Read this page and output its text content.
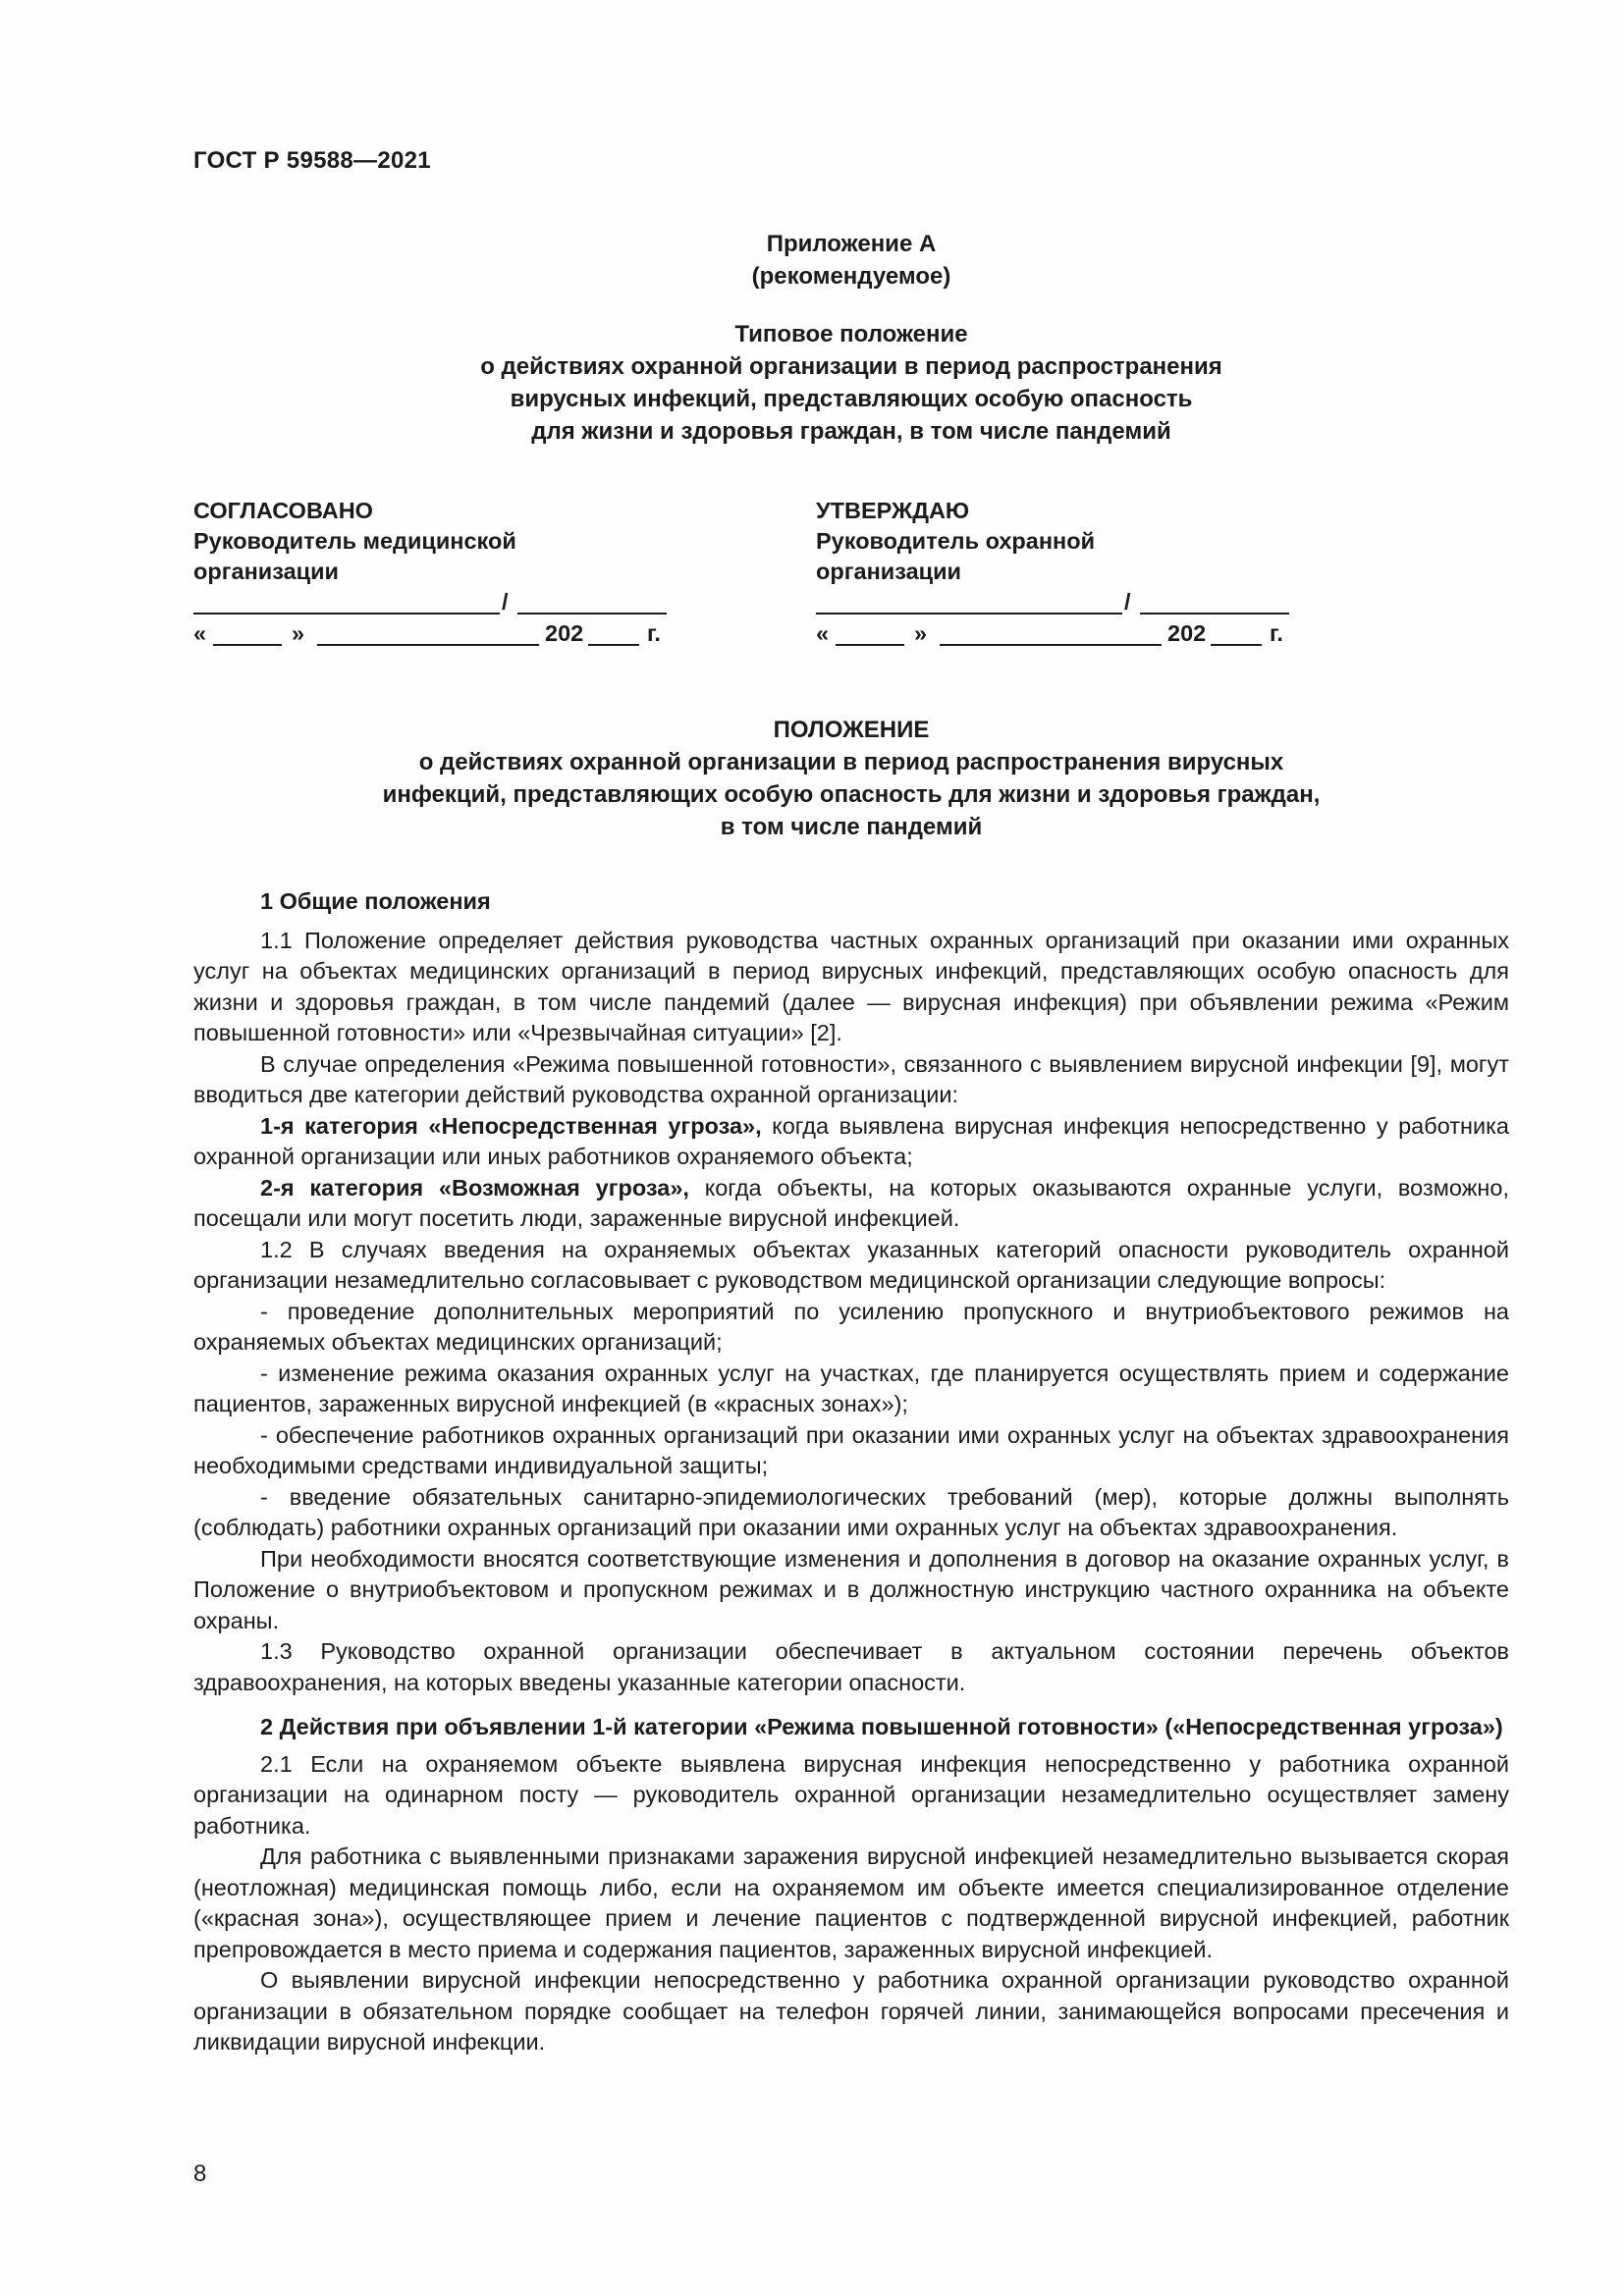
ГОСТ Р 59588—2021
Приложение А
(рекомендуемое)
Типовое положение
о действиях охранной организации в период распространения
вирусных инфекций, представляющих особую опасность
для жизни и здоровья граждан, в том числе пандемий
СОГЛАСОВАНО
Руководитель медицинской
организации
/
«	»	202	г.
УТВЕРЖДАЮ
Руководитель охранной
организации
/
«	»	202	г.
ПОЛОЖЕНИЕ
о действиях охранной организации в период распространения вирусных
инфекций, представляющих особую опасность для жизни и здоровья граждан,
в том числе пандемий

1 Общие положения

1.1 Положение определяет действия руководства частных охранных организаций при оказании ими охранных услуг на объектах медицинских организаций в период вирусных инфекций, представляющих особую опасность для жизни и здоровья граждан, в том числе пандемий (далее — вирусная инфекция) при объявлении режима «Режим повышенной готовности» или «Чрезвычайная ситуации» [2].

В случае определения «Режима повышенной готовности», связанного с выявлением вирусной инфекции [9], могут вводиться две категории действий руководства охранной организации:

1-я категория «Непосредственная угроза», когда выявлена вирусная инфекция непосредственно у работника охранной организации или иных работников охраняемого объекта;

2-я категория «Возможная угроза», когда объекты, на которых оказываются охранные услуги, возможно, посещали или могут посетить люди, зараженные вирусной инфекцией.

1.2 В случаях введения на охраняемых объектах указанных категорий опасности руководитель охранной организации незамедлительно согласовывает с руководством медицинской организации следующие вопросы:

- проведение дополнительных мероприятий по усилению пропускного и внутриобъектового режимов на охраняемых объектах медицинских организаций;

- изменение режима оказания охранных услуг на участках, где планируется осуществлять прием и содержание пациентов, зараженных вирусной инфекцией (в «красных зонах»);

- обеспечение работников охранных организаций при оказании ими охранных услуг на объектах здравоохранения необходимыми средствами индивидуальной защиты;

- введение обязательных санитарно-эпидемиологических требований (мер), которые должны выполнять (соблюдать) работники охранных организаций при оказании ими охранных услуг на объектах здравоохранения.

При необходимости вносятся соответствующие изменения и дополнения в договор на оказание охранных услуг, в Положение о внутриобъектовом и пропускном режимах и в должностную инструкцию частного охранника на объекте охраны.

1.3 Руководство охранной организации обеспечивает в актуальном состоянии перечень объектов здравоохранения, на которых введены указанные категории опасности.

2 Действия при объявлении 1-й категории «Режима повышенной готовности» («Непосредственная угроза»)

2.1 Если на охраняемом объекте выявлена вирусная инфекция непосредственно у работника охранной организации на одинарном посту — руководитель охранной организации незамедлительно осуществляет замену работника.

Для работника с выявленными признаками заражения вирусной инфекцией незамедлительно вызывается скорая (неотложная) медицинская помощь либо, если на охраняемом им объекте имеется специализированное отделение («красная зона»), осуществляющее прием и лечение пациентов с подтвержденной вирусной инфекцией, работник препровождается в место приема и содержания пациентов, зараженных вирусной инфекцией.

О выявлении вирусной инфекции непосредственно у работника охранной организации руководство охранной организации в обязательном порядке сообщает на телефон горячей линии, занимающейся вопросами пресечения и ликвидации вирусной инфекции.

8
